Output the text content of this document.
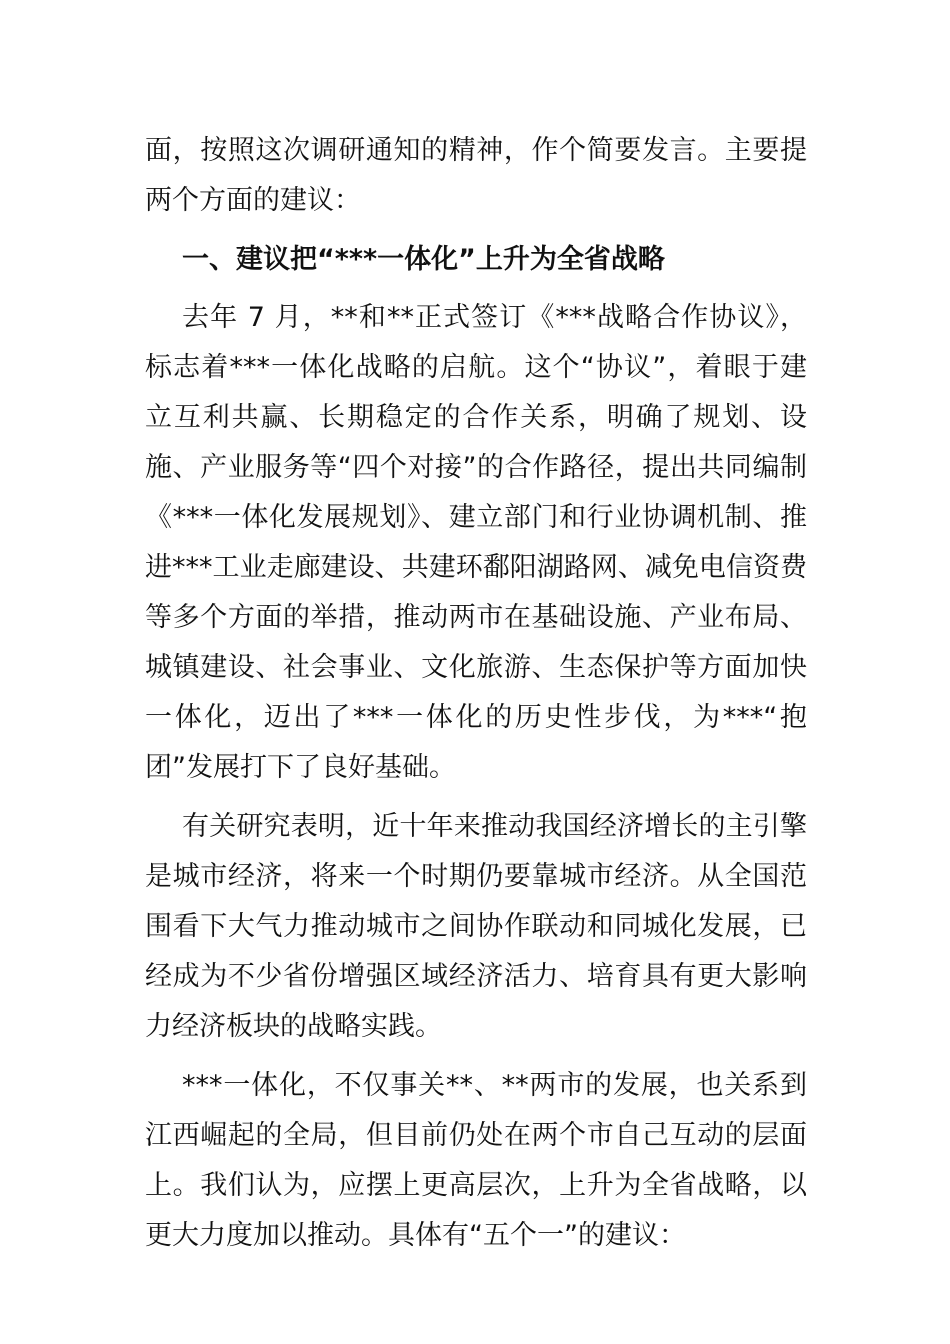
面，按照这次调研通知的精神，作个简要发言。主要提两个方面的建议：

一、建议把“***一体化”上升为全省战略

去年 7 月，**和**正式签订《***战略合作协议》，标志着***一体化战略的启航。这个“协议”，着眼于建立互利共赢、长期稳定的合作关系，明确了规划、设施、产业服务等“四个对接”的合作路径，提出共同编制《***一体化发展规划》、建立部门和行业协调机制、推进***工业走廊建设、共建环鄱阳湖路网、减免电信资费等多个方面的举措，推动两市在基础设施、产业布局、城镇建设、社会事业、文化旅游、生态保护等方面加快一体化，迈出了***一体化的历史性步伐，为***“抱团”发展打下了良好基础。

有关研究表明，近十年来推动我国经济增长的主引擎是城市经济，将来一个时期仍要靠城市经济。从全国范围看下大气力推动城市之间协作联动和同城化发展，已经成为不少省份增强区域经济活力、培育具有更大影响力经济板块的战略实践。

***一体化，不仅事关**、**两市的发展，也关系到江西崛起的全局，但目前仍处在两个市自己互动的层面上。我们认为，应摆上更高层次，上升为全省战略，以更大力度加以推动。具体有“五个一”的建议：
